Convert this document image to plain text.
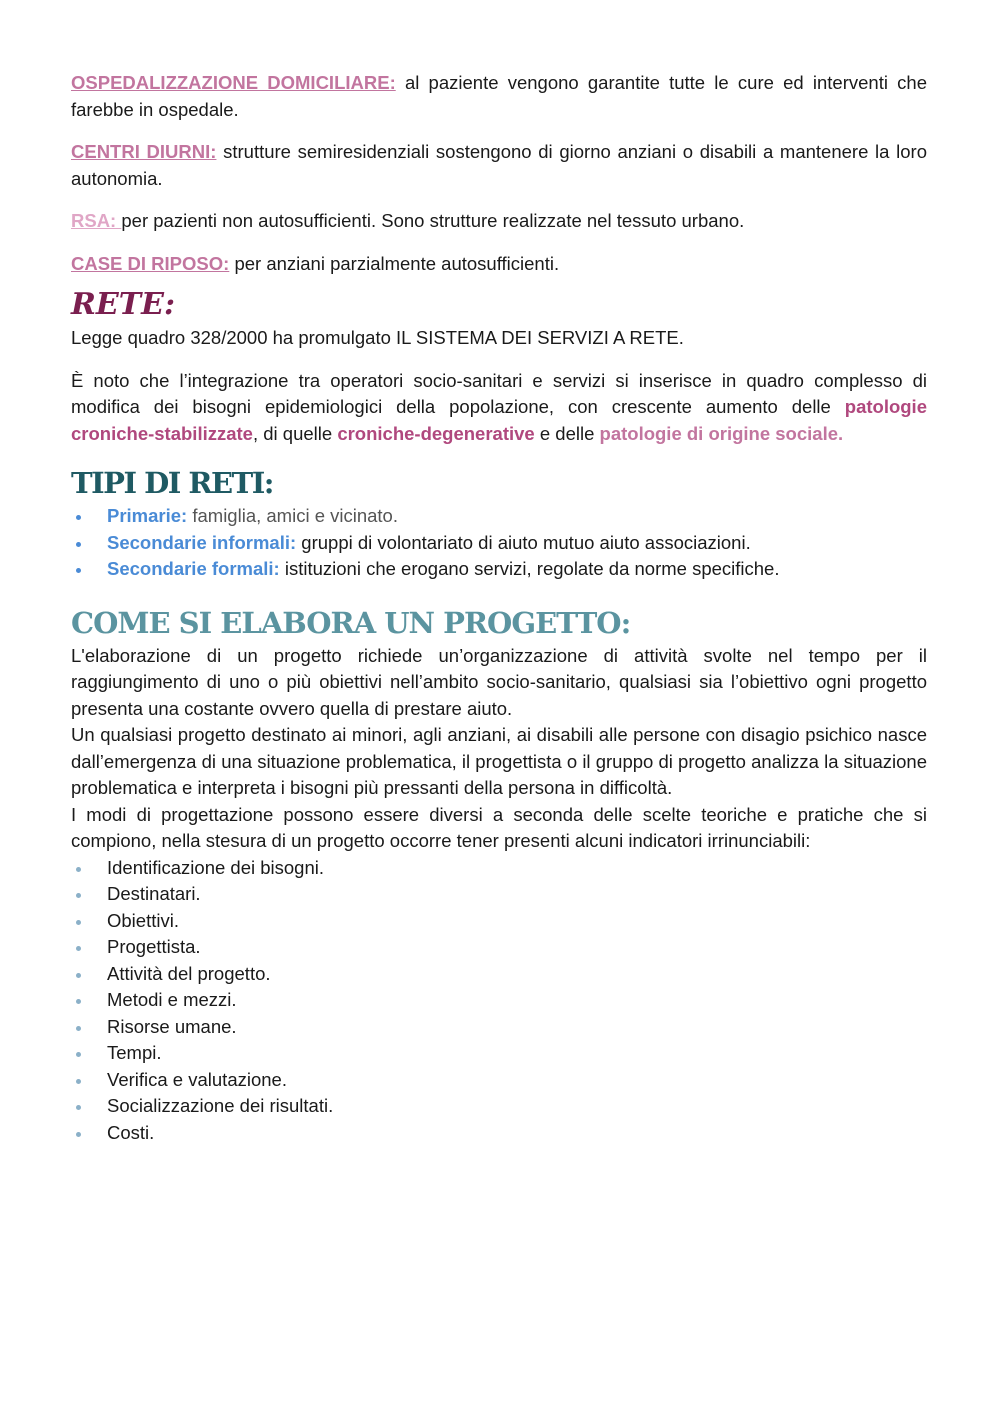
OSPEDALIZZAZIONE DOMICILIARE: al paziente vengono garantite tutte le cure ed interventi che farebbe in ospedale.

CENTRI DIURNI: strutture semiresidenziali sostengono di giorno anziani o disabili a mantenere la loro autonomia.

RSA: per pazienti non autosufficienti. Sono strutture realizzate nel tessuto urbano.

CASE DI RIPOSO: per anziani parzialmente autosufficienti.

RETE:

Legge quadro 328/2000 ha promulgato IL SISTEMA DEI SERVIZI A RETE.

È noto che l’integrazione tra operatori socio-sanitari e servizi si inserisce in quadro complesso di modifica dei bisogni epidemiologici della popolazione, con crescente aumento delle patologie croniche-stabilizzate, di quelle croniche-degenerative e delle patologie di origine sociale.

TIPI DI RETI:
Primarie: famiglia, amici e vicinato.
Secondarie informali: gruppi di volontariato di aiuto mutuo aiuto associazioni.
Secondarie formali: istituzioni che erogano servizi, regolate da norme specifiche.
COME SI ELABORA UN PROGETTO:

L'elaborazione di un progetto richiede un’organizzazione di attività svolte nel tempo per il raggiungimento di uno o più obiettivi nell’ambito socio-sanitario, qualsiasi sia l’obiettivo ogni progetto presenta una costante ovvero quella di prestare aiuto.

Un qualsiasi progetto destinato ai minori, agli anziani, ai disabili alle persone con disagio psichico nasce dall’emergenza di una situazione problematica, il progettista o il gruppo di progetto analizza la situazione problematica e interpreta i bisogni più pressanti della persona in difficoltà.

I modi di progettazione possono essere diversi a seconda delle scelte teoriche e pratiche che si compiono, nella stesura di un progetto occorre tener presenti alcuni indicatori irrinunciabili:

Identificazione dei bisogni.
Destinatari.
Obiettivi.
Progettista.
Attività del progetto.
Metodi e mezzi.
Risorse umane.
Tempi.
Verifica e valutazione.
Socializzazione dei risultati.
Costi.
